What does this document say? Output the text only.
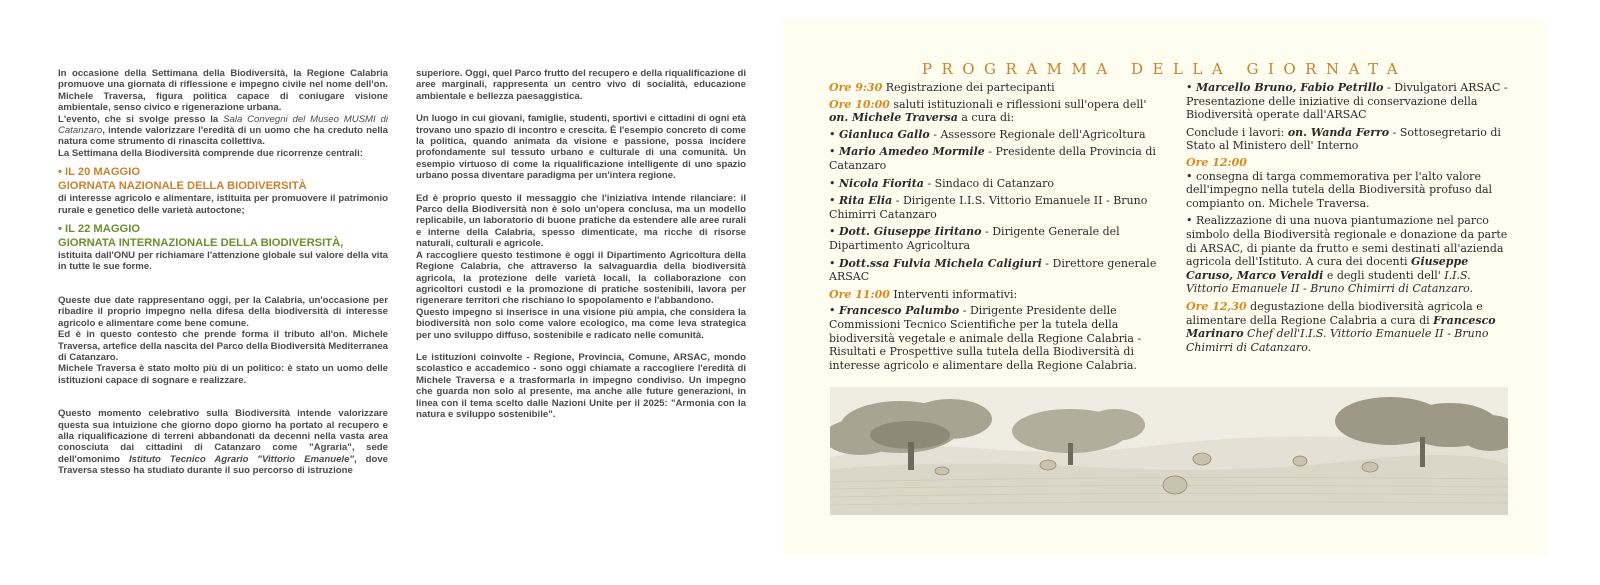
In occasione della Settimana della Biodiversità, la Regione Calabria promuove una giornata di riflessione e impegno civile nel nome dell'on. Michele Traversa, figura politica capace di coniugare visione ambientale, senso civico e rigenerazione urbana.

L'evento, che si svolge presso la Sala Convegni del Museo MUSMI di Catanzaro, intende valorizzare l'eredità di un uomo che ha creduto nella natura come strumento di rinascita collettiva.

La Settimana della Biodiversità comprende due ricorrenze centrali:

• IL 20 MAGGIO

GIORNATA NAZIONALE DELLA BIODIVERSITÀ

di interesse agricolo e alimentare, istituita per promuovere il patrimonio rurale e genetico delle varietà autoctone;

• IL 22 MAGGIO

GIORNATA INTERNAZIONALE DELLA BIODIVERSITÀ,

istituita dall'ONU per richiamare l'attenzione globale sul valore della vita in tutte le sue forme.

Queste due date rappresentano oggi, per la Calabria, un'occasione per ribadire il proprio impegno nella difesa della biodiversità di interesse agricolo e alimentare come bene comune.

Ed è in questo contesto che prende forma il tributo all'on. Michele Traversa, artefice della nascita del Parco della Biodiversità Mediterranea di Catanzaro.

Michele Traversa è stato molto più di un politico: è stato un uomo delle istituzioni capace di sognare e realizzare.

Questo momento celebrativo sulla Biodiversità intende valorizzare questa sua intuizione che giorno dopo giorno ha portato al recupero e alla riqualificazione di terreni abbandonati da decenni nella vasta area conosciuta dai cittadini di Catanzaro come "Agraria", sede dell'omonimo Istituto Tecnico Agrario "Vittorio Emanuele", dove Traversa stesso ha studiato durante il suo percorso di istruzione

superiore. Oggi, quel Parco frutto del recupero e della riqualificazione di aree marginali, rappresenta un centro vivo di socialità, educazione ambientale e bellezza paesaggistica.

Un luogo in cui giovani, famiglie, studenti, sportivi e cittadini di ogni età trovano uno spazio di incontro e crescita. È l'esempio concreto di come la politica, quando animata da visione e passione, possa incidere profondamente sul tessuto urbano e culturale di una comunità. Un esempio virtuoso di come la riqualificazione intelligente di uno spazio urbano possa diventare paradigma per un'intera regione.

Ed è proprio questo il messaggio che l'iniziativa intende rilanciare: il Parco della Biodiversità non è solo un'opera conclusa, ma un modello replicabile, un laboratorio di buone pratiche da estendere alle aree rurali e interne della Calabria, spesso dimenticate, ma ricche di risorse naturali, culturali e agricole.

A raccogliere questo testimone è oggi il Dipartimento Agricoltura della Regione Calabria, che attraverso la salvaguardia della biodiversità agricola, la protezione delle varietà locali, la collaborazione con agricoltori custodi e la promozione di pratiche sostenibili, lavora per rigenerare territori che rischiano lo spopolamento e l'abbandono.

Questo impegno si inserisce in una visione più ampia, che considera la biodiversità non solo come valore ecologico, ma come leva strategica per uno sviluppo diffuso, sostenibile e radicato nelle comunità.

Le istituzioni coinvolte - Regione, Provincia, Comune, ARSAC, mondo scolastico e accademico - sono oggi chiamate a raccogliere l'eredità di Michele Traversa e a trasformarla in impegno condiviso. Un impegno che guarda non solo al presente, ma anche alle future generazioni, in linea con il tema scelto dalle Nazioni Unite per il 2025: "Armonia con la natura e sviluppo sostenibile".

PROGRAMMA DELLA GIORNATA

Ore 9:30 Registrazione dei partecipanti

Ore 10:00 saluti istituzionali e riflessioni sull'opera dell' on. Michele Traversa a cura di:

• Gianluca Gallo - Assessore Regionale dell'Agricoltura

• Mario Amedeo Mormile - Presidente della Provincia di Catanzaro

• Nicola Fiorita - Sindaco di Catanzaro

• Rita Elia - Dirigente I.I.S. Vittorio Emanuele II - Bruno Chimirri Catanzaro

• Dott. Giuseppe Iiritano - Dirigente Generale del Dipartimento Agricoltura

• Dott.ssa Fulvia Michela Caligiuri - Direttore generale ARSAC

Ore 11:00 Interventi informativi:

• Francesco Palumbo - Dirigente Presidente delle Commissioni Tecnico Scientifiche per la tutela della biodiversità vegetale e animale della Regione Calabria - Risultati e Prospettive sulla tutela della Biodiversità di interesse agricolo e alimentare della Regione Calabria.

• Marcello Bruno, Fabio Petrillo - Divulgatori ARSAC - Presentazione delle iniziative di conservazione della Biodiversità operate dall'ARSAC

Conclude i lavori: on. Wanda Ferro - Sottosegretario di Stato al Ministero dell' Interno

Ore 12:00

• consegna di targa commemorativa per l'alto valore dell'impegno nella tutela della Biodiversità profuso dal compianto on. Michele Traversa.

• Realizzazione di una nuova piantumazione nel parco simbolo della Biodiversità regionale e donazione da parte di ARSAC, di piante da frutto e semi destinati all'azienda agricola dell'Istituto. A cura dei docenti Giuseppe Caruso, Marco Veraldi e degli studenti dell' I.I.S. Vittorio Emanuele II - Bruno Chimirri di Catanzaro.

Ore 12,30 degustazione della biodiversità agricola e alimentare della Regione Calabria a cura di Francesco Marinaro Chef dell'I.I.S. Vittorio Emanuele II - Bruno Chimirri di Catanzaro.
